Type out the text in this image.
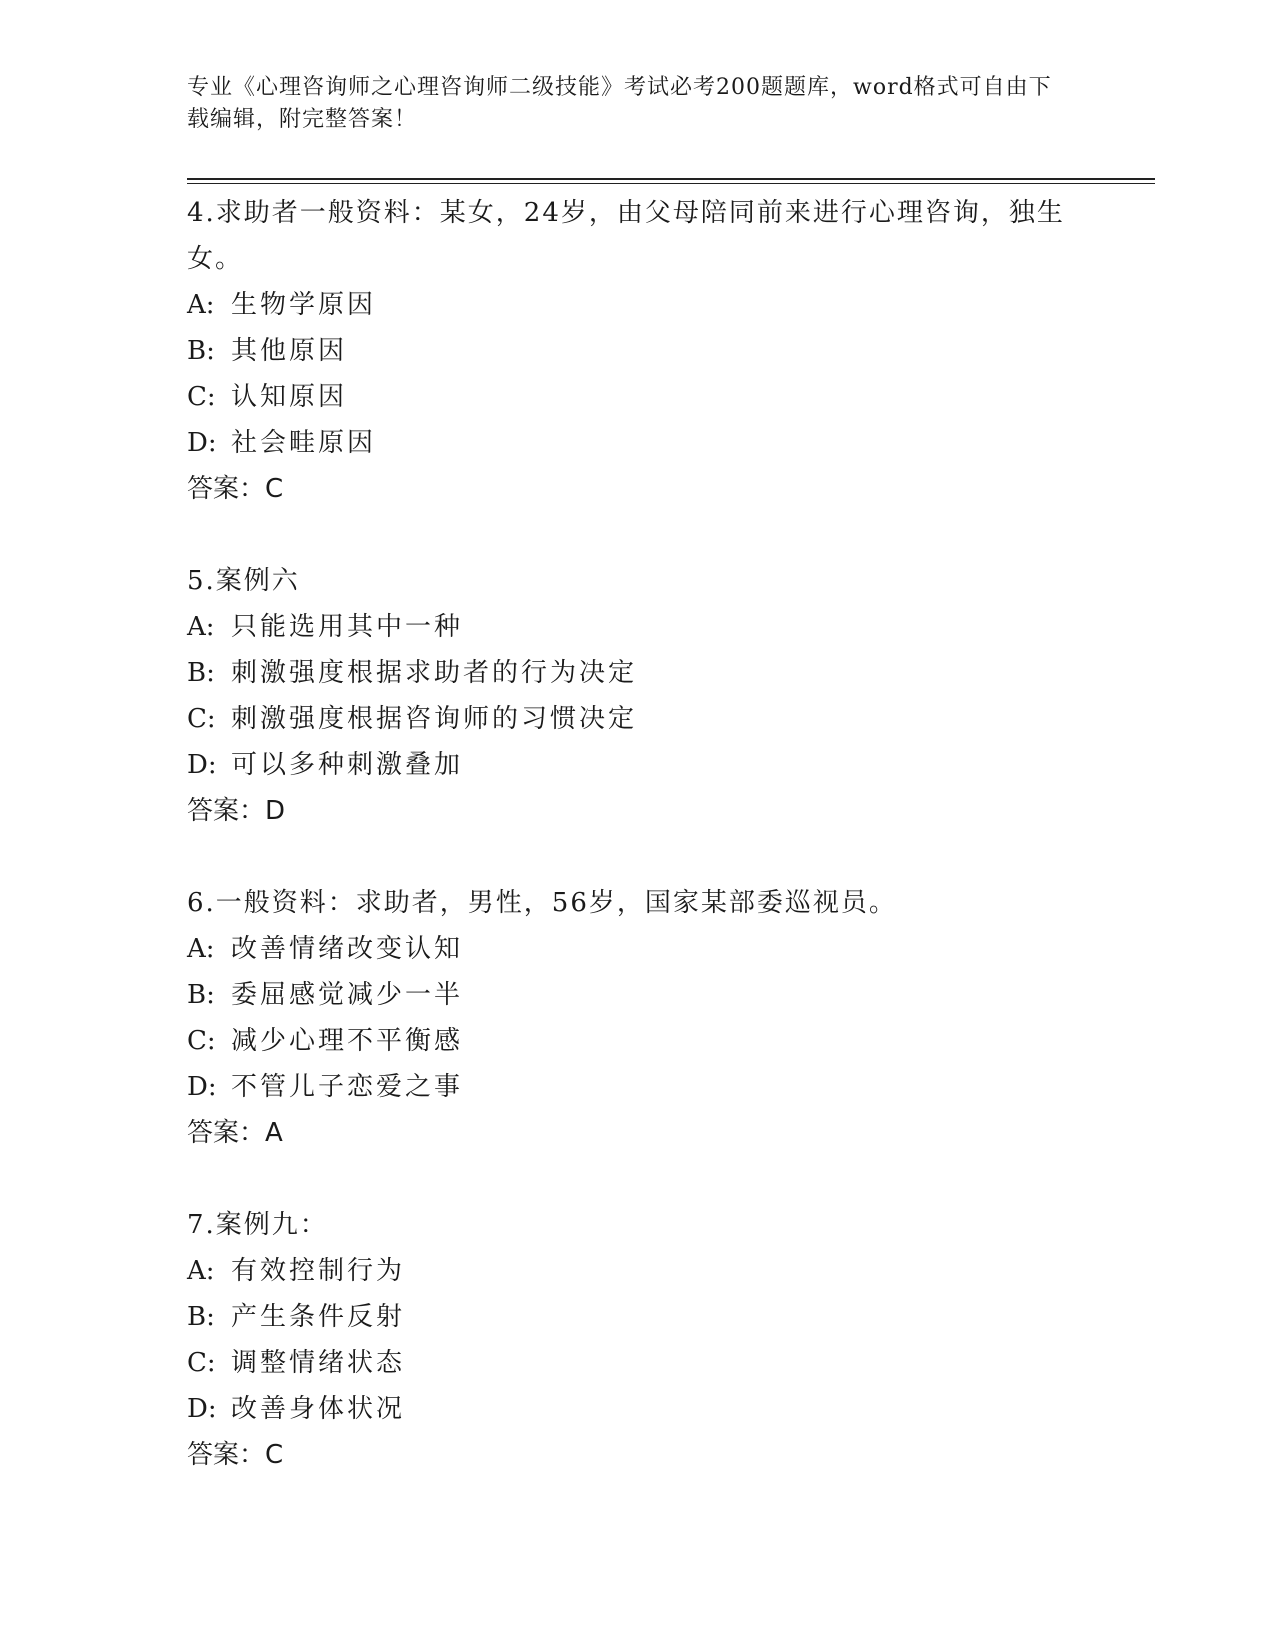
专业《心理咨询师之心理咨询师二级技能》考试必考200题题库，word格式可自由下载编辑，附完整答案！
4.求助者一般资料：某女，24岁，由父母陪同前来进行心理咨询，独生女。
A: 生物学原因
B: 其他原因
C: 认知原因
D: 社会畦原因
答案：C
5.案例六
A: 只能选用其中一种
B: 刺激强度根据求助者的行为决定
C: 刺激强度根据咨询师的习惯决定
D: 可以多种刺激叠加
答案：D
6.一般资料：求助者，男性，56岁，国家某部委巡视员。
A: 改善情绪改变认知
B: 委屈感觉减少一半
C: 减少心理不平衡感
D: 不管儿子恋爱之事
答案：A
7.案例九：
A: 有效控制行为
B: 产生条件反射
C: 调整情绪状态
D: 改善身体状况
答案：C
